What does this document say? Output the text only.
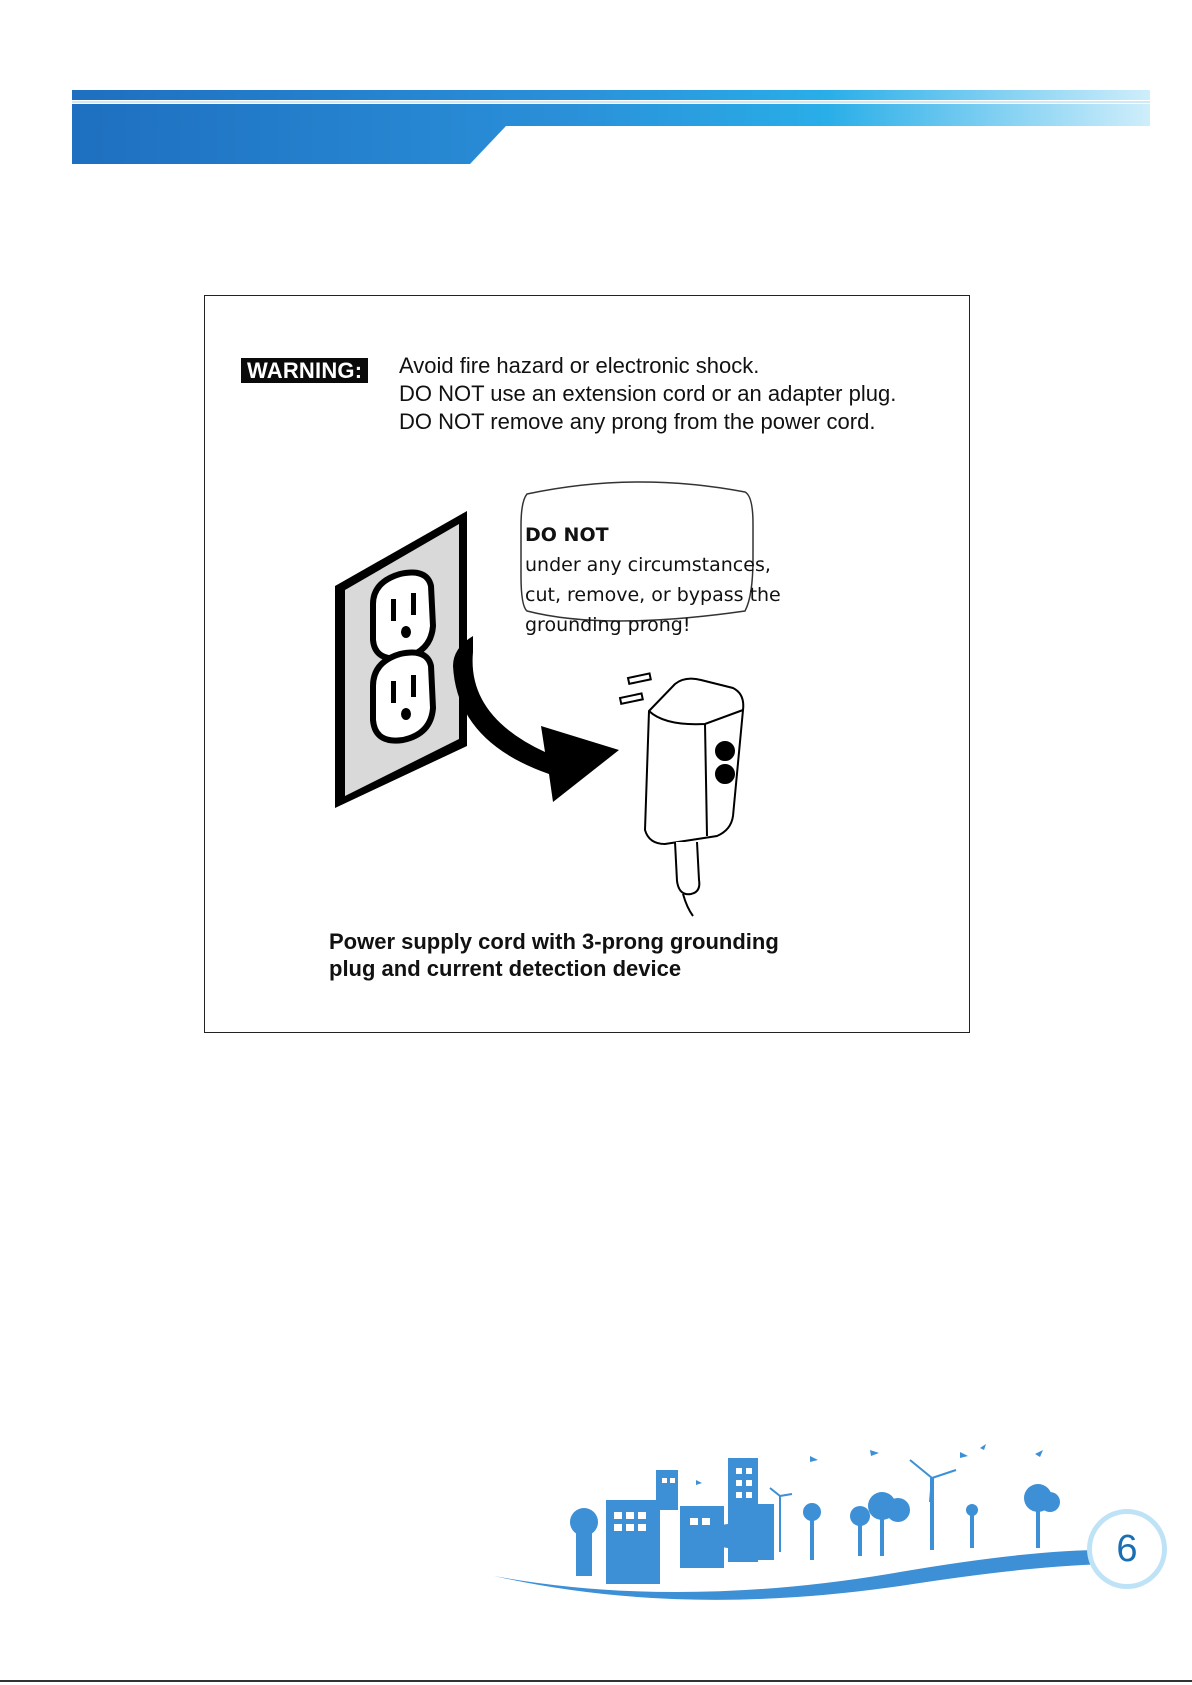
WARNING: Avoid fire hazard or electronic shock.
DO NOT use an extension cord or an adapter plug.
DO NOT remove any prong from the power cord.
DO NOT
under any circumstances,
cut, remove, or bypass the
grounding prong!

Power supply cord with 3-prong grounding
plug and current detection device

6
